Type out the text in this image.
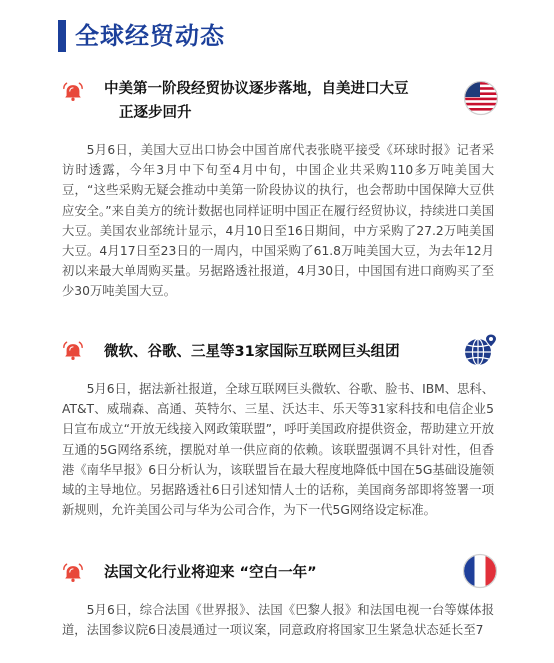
全球经贸动态
中美第一阶段经贸协议逐步落地，自美进口大豆
正逐步回升

5月6日，美国大豆出口协会中国首席代表张晓平接受《环球时报》记者采访时透露，今年3月中下旬至4月中旬，中国企业共采购110多万吨美国大豆，“这些采购无疑会推动中美第一阶段协议的执行，也会帮助中国保障大豆供应安全。”来自美方的统计数据也同样证明中国正在履行经贸协议，持续进口美国大豆。美国农业部统计显示，4月10日至16日期间，中方采购了27.2万吨美国大豆。4月17日至23日的一周内，中国采购了61.8万吨美国大豆，为去年12月初以来最大单周购买量。另据路透社报道，4月30日，中国国有进口商购买了至少30万吨美国大豆。

微软、谷歌、三星等31家国际互联网巨头组团

5月6日，据法新社报道，全球互联网巨头微软、谷歌、脸书、IBM、思科、AT&T、威瑞森、高通、英特尔、三星、沃达丰、乐天等31家科技和电信企业5日宣布成立“开放无线接入网政策联盟”，呼吁美国政府提供资金，帮助建立开放互通的5G网络系统，摆脱对单一供应商的依赖。该联盟强调不具针对性，但香港《南华早报》6日分析认为，该联盟旨在最大程度地降低中国在5G基础设施领域的主导地位。另据路透社6日引述知情人士的话称，美国商务部即将签署一项新规则，允许美国公司与华为公司合作，为下一代5G网络设定标准。

法国文化行业将迎来 “空白一年”

5月6日，综合法国《世界报》、法国《巴黎人报》和法国电视一台等媒体报道，法国参议院6日凌晨通过一项议案，同意政府将国家卫生紧急状态延长至7
